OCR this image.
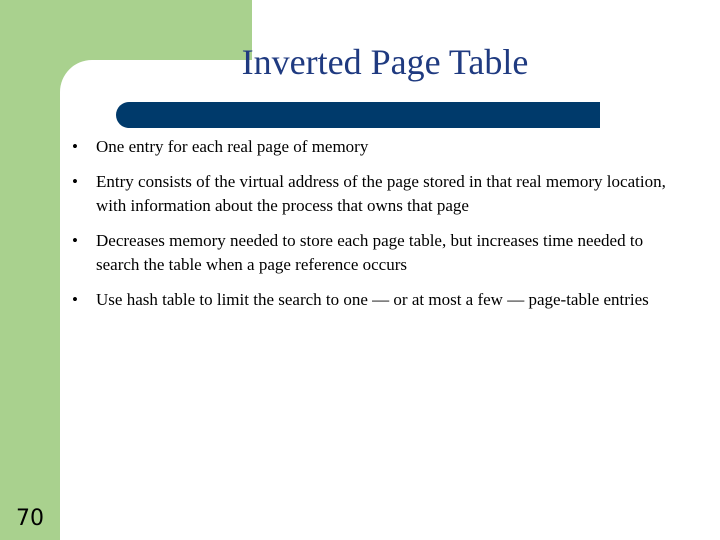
Inverted Page Table
• One entry for each real page of memory
• Entry consists of the virtual address of the page stored in that real memory location, with information about the process that owns that page
• Decreases memory needed to store each page table, but increases time needed to search the table when a page reference occurs
• Use hash table to limit the search to one — or at most a few — page-table entries
70
